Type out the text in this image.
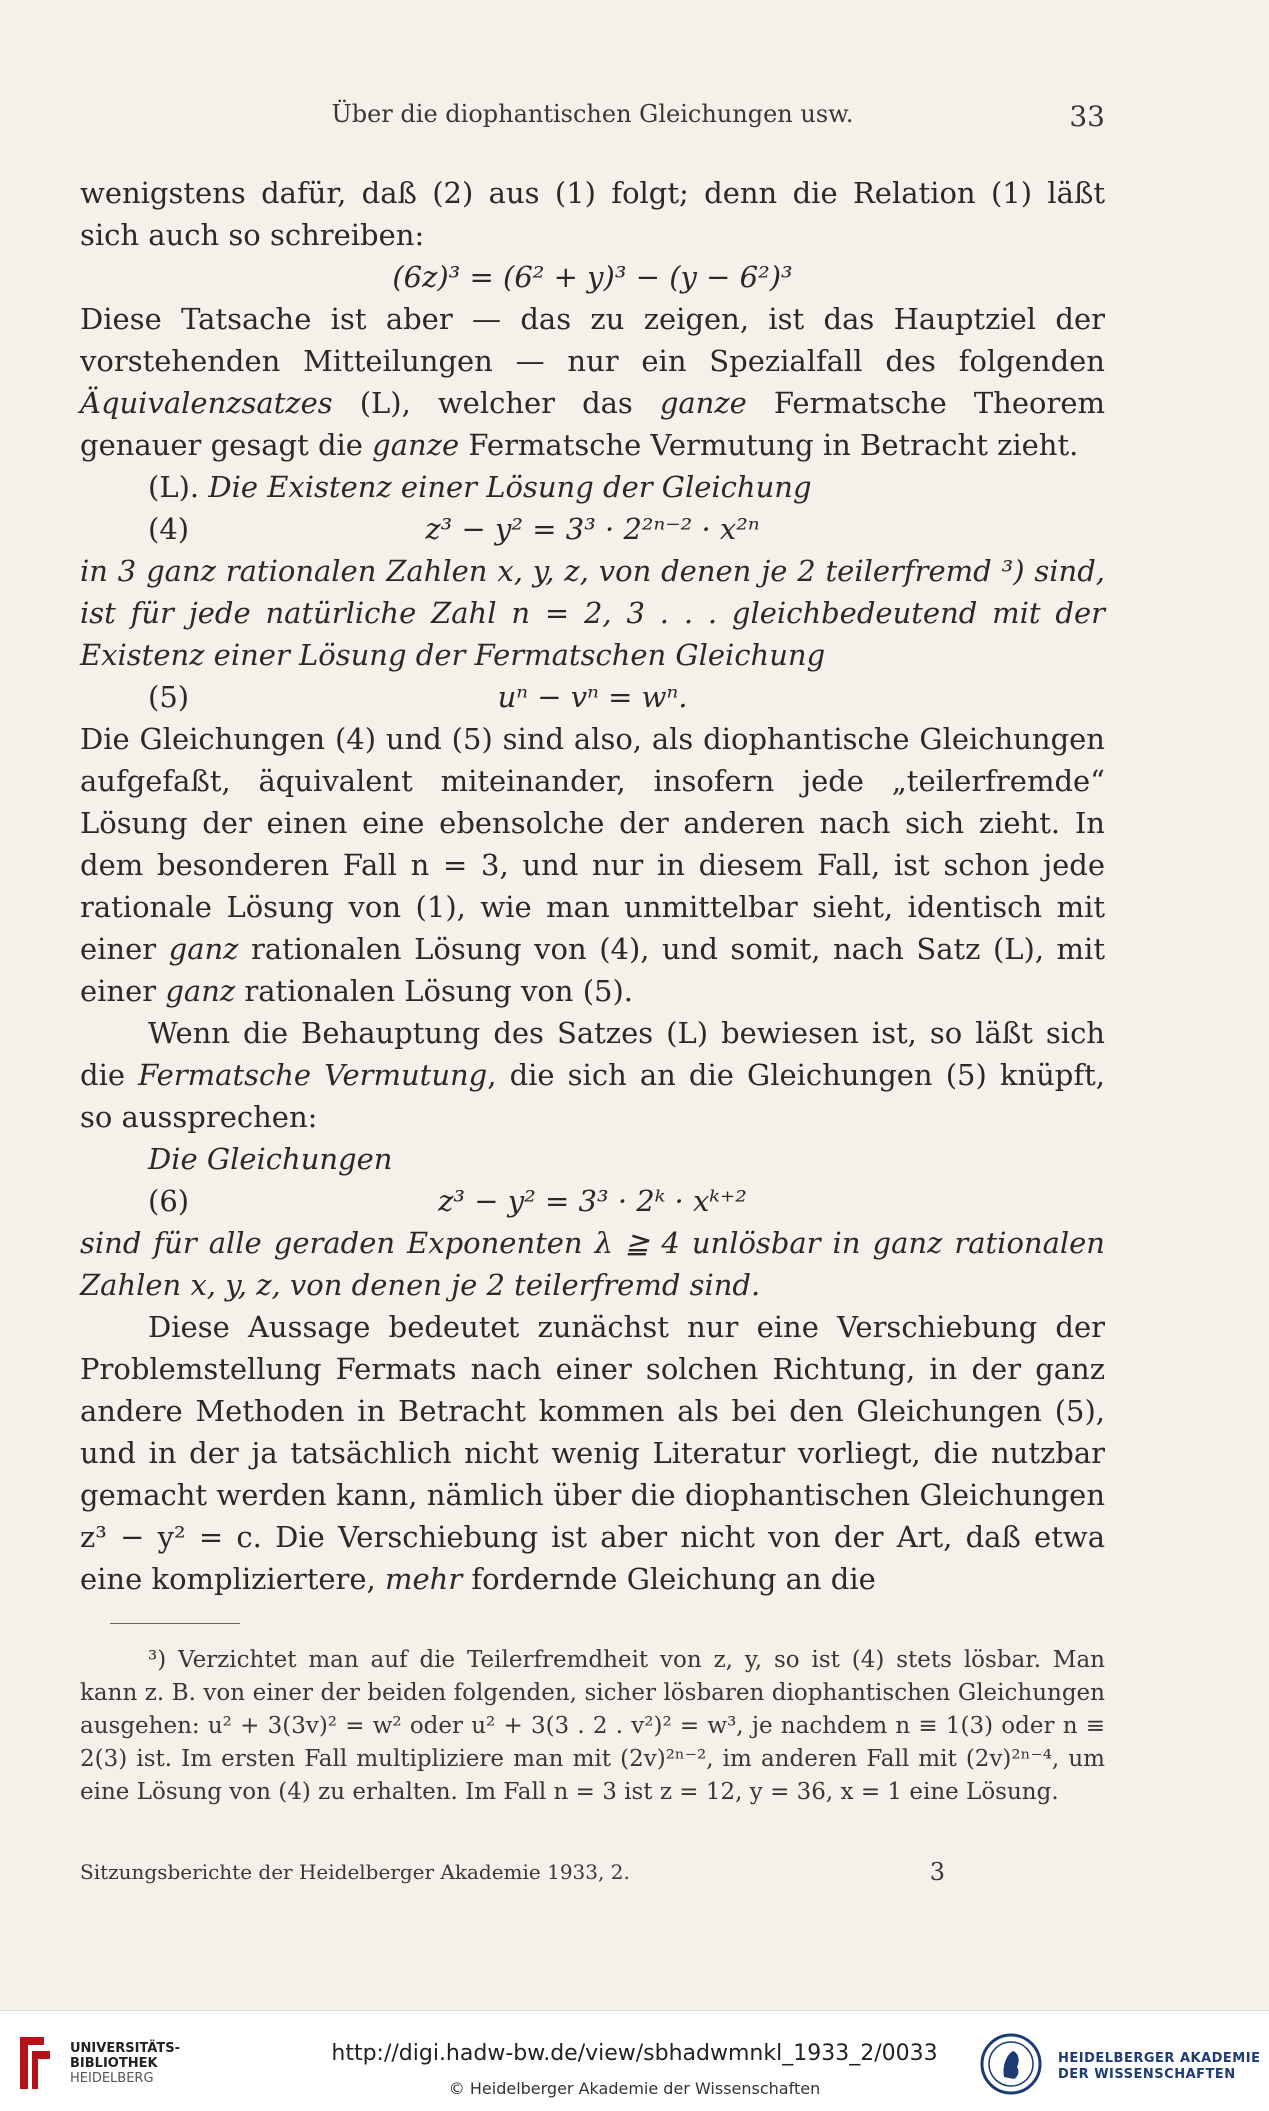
Über die diophantischen Gleichungen usw.	33

wenigstens dafür, daß (2) aus (1) folgt; denn die Relation (1) läßt sich auch so schreiben:

(6z)³ = (6² + y)³ − (y − 6²)³

Diese Tatsache ist aber — das zu zeigen, ist das Hauptziel der vorstehenden Mitteilungen — nur ein Spezialfall des folgenden Äquivalenzsatzes (L), welcher das ganze Fermatsche Theorem genauer gesagt die ganze Fermatsche Vermutung in Betracht zieht.

(L). Die Existenz einer Lösung der Gleichung

(4)	z³ − y² = 3³ · 2²ⁿ⁻² · x²ⁿ

in 3 ganz rationalen Zahlen x, y, z, von denen je 2 teilerfremd ³) sind, ist für jede natürliche Zahl n = 2, 3 . . . gleichbedeutend mit der Existenz einer Lösung der Fermatschen Gleichung

(5)	uⁿ − vⁿ = wⁿ.

Die Gleichungen (4) und (5) sind also, als diophantische Gleichungen aufgefaßt, äquivalent miteinander, insofern jede „teilerfremde“ Lösung der einen eine ebensolche der anderen nach sich zieht. In dem besonderen Fall n = 3, und nur in diesem Fall, ist schon jede rationale Lösung von (1), wie man unmittelbar sieht, identisch mit einer ganz rationalen Lösung von (4), und somit, nach Satz (L), mit einer ganz rationalen Lösung von (5).

Wenn die Behauptung des Satzes (L) bewiesen ist, so läßt sich die Fermatsche Vermutung, die sich an die Gleichungen (5) knüpft, so aussprechen:

Die Gleichungen

(6)	z³ − y² = 3³ · 2ᵏ · xᵏ⁺²

sind für alle geraden Exponenten λ ≧ 4 unlösbar in ganz rationalen Zahlen x, y, z, von denen je 2 teilerfremd sind.

Diese Aussage bedeutet zunächst nur eine Verschiebung der Problemstellung Fermats nach einer solchen Richtung, in der ganz andere Methoden in Betracht kommen als bei den Gleichungen (5), und in der ja tatsächlich nicht wenig Literatur vorliegt, die nutzbar gemacht werden kann, nämlich über die diophantischen Gleichungen z³ − y² = c. Die Verschiebung ist aber nicht von der Art, daß etwa eine kompliziertere, mehr fordernde Gleichung an die

³) Verzichtet man auf die Teilerfremdheit von z, y, so ist (4) stets lösbar. Man kann z. B. von einer der beiden folgenden, sicher lösbaren diophantischen Gleichungen ausgehen: u² + 3(3v)² = w² oder u² + 3(3 . 2 . v²)² = w³, je nachdem n ≡ 1(3) oder n ≡ 2(3) ist. Im ersten Fall multipliziere man mit (2v)²ⁿ⁻², im anderen Fall mit (2v)²ⁿ⁻⁴, um eine Lösung von (4) zu erhalten. Im Fall n = 3 ist z = 12, y = 36, x = 1 eine Lösung.

Sitzungsberichte der Heidelberger Akademie 1933, 2.	3
UNIVERSITÄTS-
BIBLIOTHEK
HEIDELBERG
http://digi.hadw-bw.de/view/sbhadwmnkl_1933_2/0033
© Heidelberger Akademie der Wissenschaften
HEIDELBERGER AKADEMIE
DER WISSENSCHAFTEN
